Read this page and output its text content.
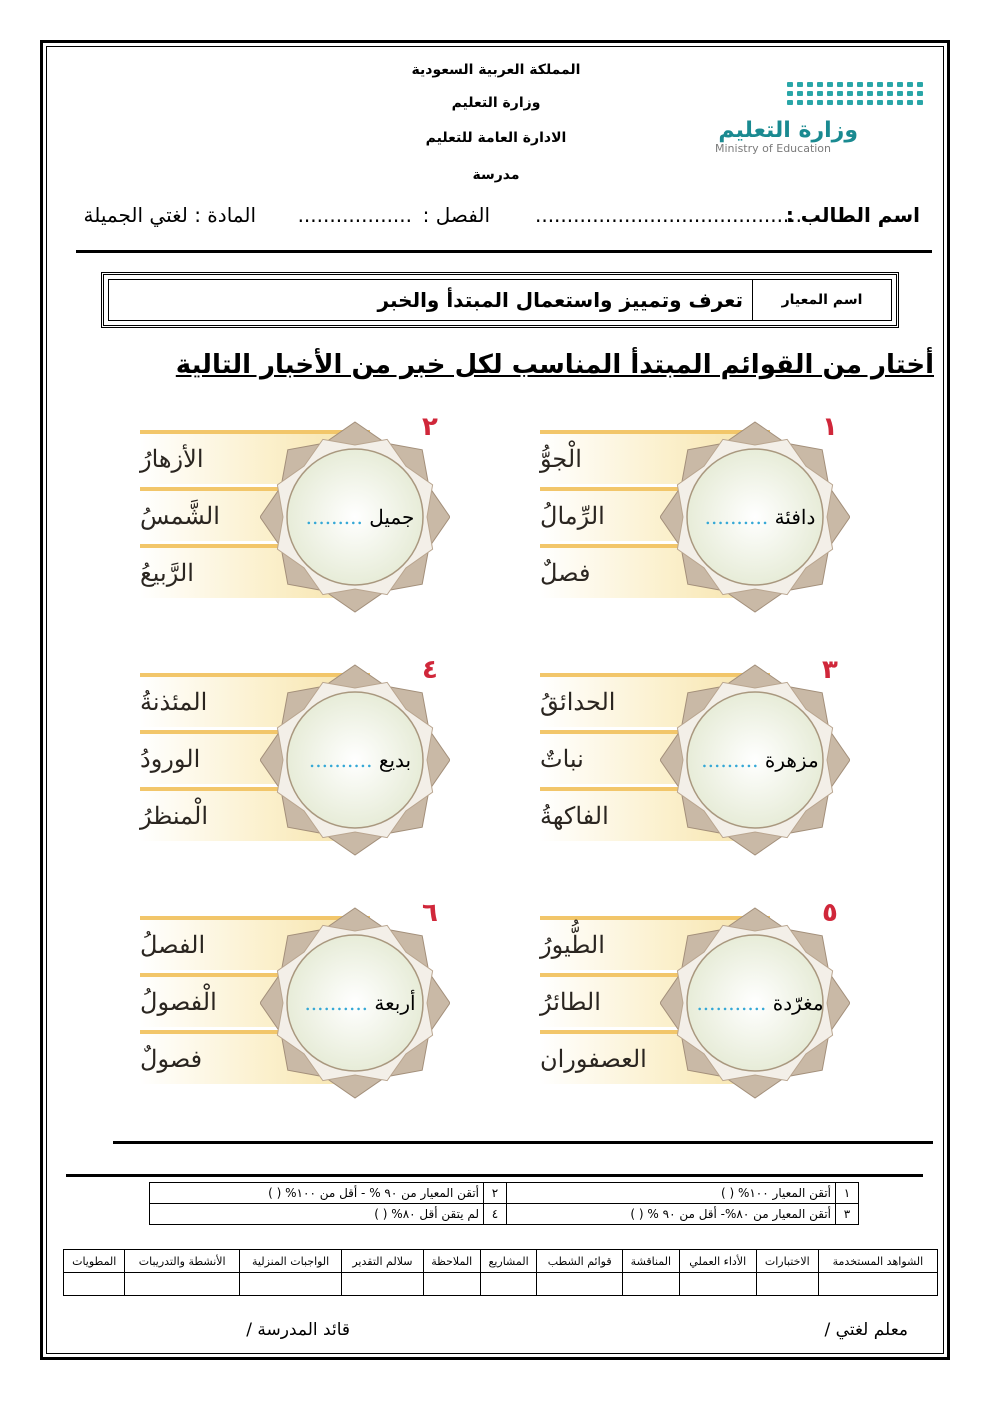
المملكة العربية السعودية
وزارة التعليم
الادارة العامة للتعليم
مدرسة
وزارة التعليم
Ministry of Education
اسم الطالب :
..........................................
الفصل :
..................
المادة : لغتي الجميلة
اسم المعيار
تعرف وتمييز واستعمال المبتدأ والخبر
أختار من القوائم المبتدأ المناسب لكل خبر من الأخبار التالية
الْجوُّ
الرِّمالُ
فصلٌ
١
دافئة ..........
الأزهارُ
الشَّمسُ
الرَّبيعُ
٢
جميل .........
الحدائقُ
نباتٌ
الفاكهةُ
٣
مزهرة .........
المئذنةُ
الورودُ
الْمنظرُ
٤
بديع ..........
الطُّيورُ
الطائرُ
العصفوران
٥
مغرّدة ...........
الفصلُ
الْفصولُ
فصولٌ
٦
أربعة ..........
١	أتقن المعيار ١٠٠% ( )	٢	أتقن المعيار من ٩٠ % - أقل من ١٠٠% ( )
٣	أتقن المعيار من ٨٠%- أقل من ٩٠ % ( )	٤	لم يتقن أقل ٨٠% ( )
الشواهد المستخدمة	الاختبارات	الأداء العملي	المناقشة	قوائم الشطب	المشاريع	الملاحظة	سلالم التقدير	الواجبات المنزلية	الأنشطة والتدريبات	المطويات

معلم لغتي /
قائد المدرسة /
